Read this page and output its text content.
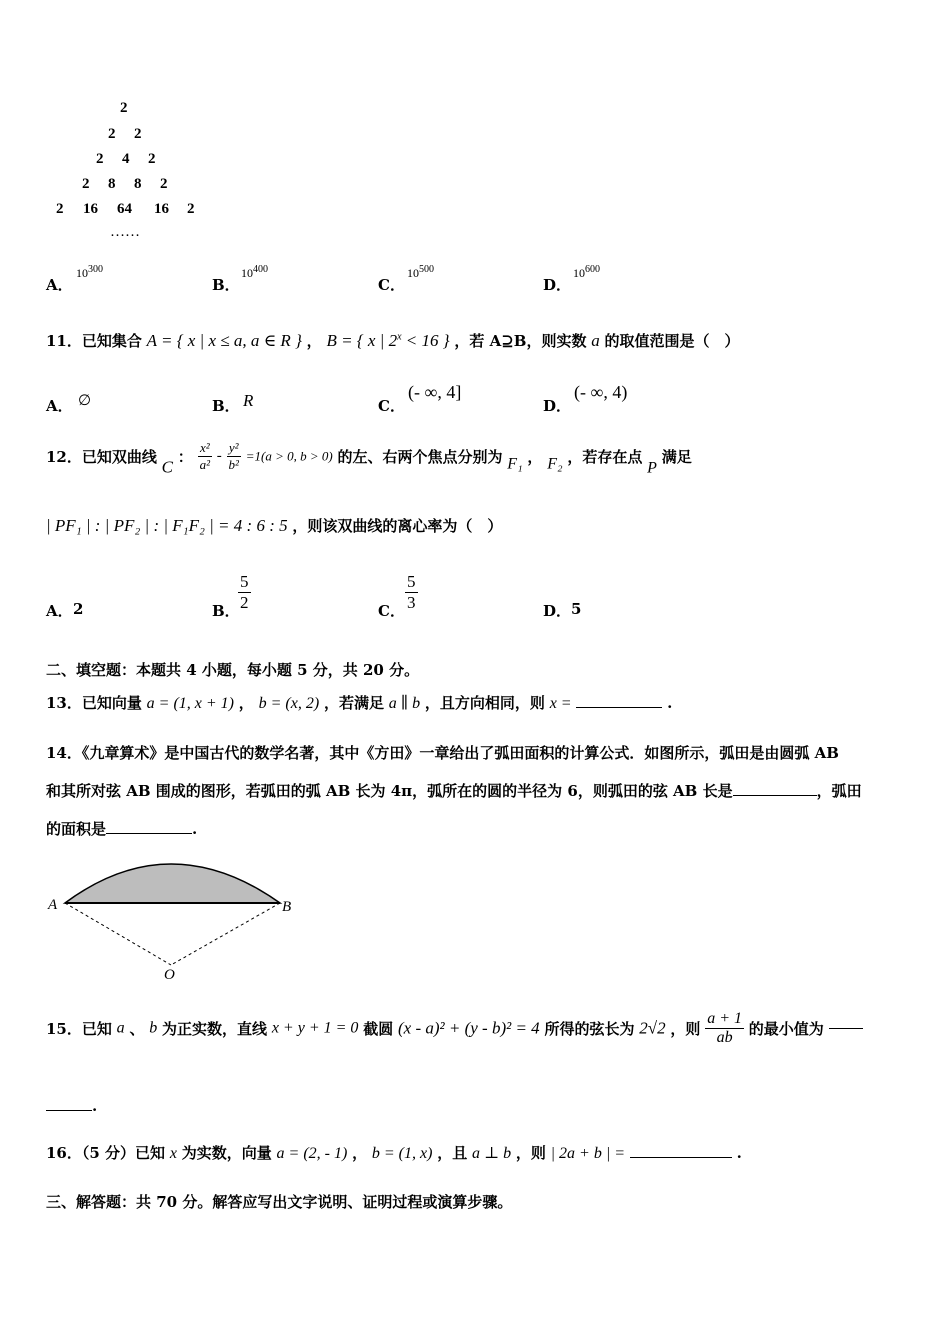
2
2 2
2 4 2
2 8 8 2
2 16 64 16 2
……
A．
$10^{300}$
B．
$10^{400}$
C．
$10^{500}$
D．
$10^{600}$
11．已知集合 A = { x | x ≤ a, a ∈ R } ， B = { x | $2^x < 16$ } ，若 A⊇B，则实数 a 的取值范围是（　）
A． ∅	B． R	C．
(- ∞, 4]
D．
(- ∞, 4)
12．已知双曲线 C ： $\frac{\text{x²}}{\text{a²}} - \frac{\text{y²}}{\text{b²}} =1(a > 0$, b > 0) 的左、右两个焦点分别为 F₁ ， F₂ ，若存在点 P 满足
| PF₁ | : | PF₂ | : | F₁F₂ | = 4 : 6 : 5 ，则该双曲线的离心率为（　）
A． 2	B．
$\frac{5}{2}$	C． $\frac{5}{3}$	D． 5
二、填空题：本题共 4 小题，每小题 5 分，共 20 分。
13．已知向量 a = (1, x + 1) ， b = (x, 2) ，若满足 a ∥ b ，且方向相同，则 x =	.
14．《九章算术》是中国古代的数学名著，其中《方田》一章给出了弧田面积的计算公式．如图所示，弧田是由圆弧 AB
和其所对弦 AB 围成的图形，若弧田的弧 AB 长为 4π，弧所在的圆的半径为 6，则弧田的弦 AB 长是	，弧田
的面积是	.
A	B
O
15．已知 a 、 b 为正实数，直线 x + y + 1 = 0 截圆 (x - a)² + (y - b)² = 4 所得的弦长为 2√2 ，则 $\frac{a + 1}{ab}$ 的最小值为
.
16．（5 分）已知 x 为实数，向量 a = (2, - 1) ， b = (1, x) ，且 a ⊥ b ，则 | 2a + b | =	.
三、解答题：共 70 分。解答应写出文字说明、证明过程或演算步骤。
